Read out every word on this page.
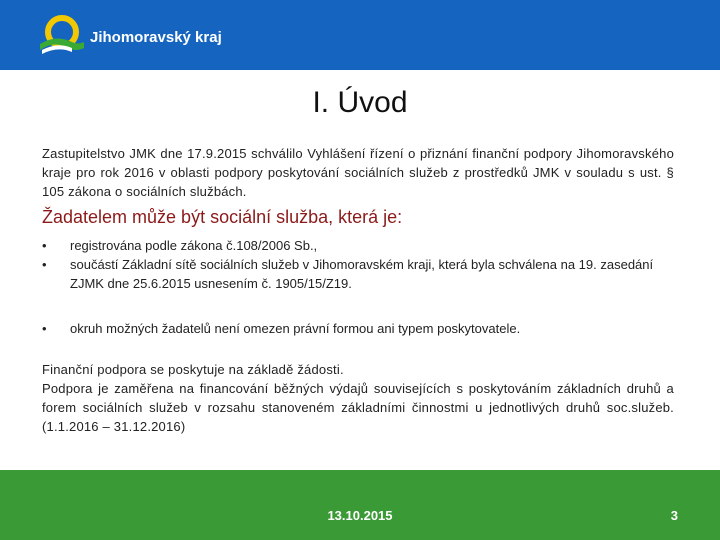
Jihomoravský kraj
I. Úvod
Zastupitelstvo JMK dne 17.9.2015 schválilo Vyhlášení řízení o přiznání finanční podpory Jihomoravského kraje pro rok 2016 v oblasti podpory poskytování sociálních služeb z prostředků JMK v souladu s ust. § 105 zákona o sociálních službách.
Žadatelem může být sociální služba, která je:
• registrována podle zákona č.108/2006 Sb.,
• součástí Základní sítě sociálních služeb v Jihomoravském kraji, která byla schválena na 19. zasedání ZJMK dne 25.6.2015 usnesením č. 1905/15/Z19.
• okruh možných žadatelů není omezen právní formou ani typem poskytovatele.
Finanční podpora se poskytuje na základě žádosti.
Podpora je zaměřena na financování běžných výdajů souvisejících s poskytováním základních druhů a forem sociálních služeb v rozsahu stanoveném základními činnostmi u jednotlivých druhů soc.služeb. (1.1.2016 – 31.12.2016)
13.10.2015	3
